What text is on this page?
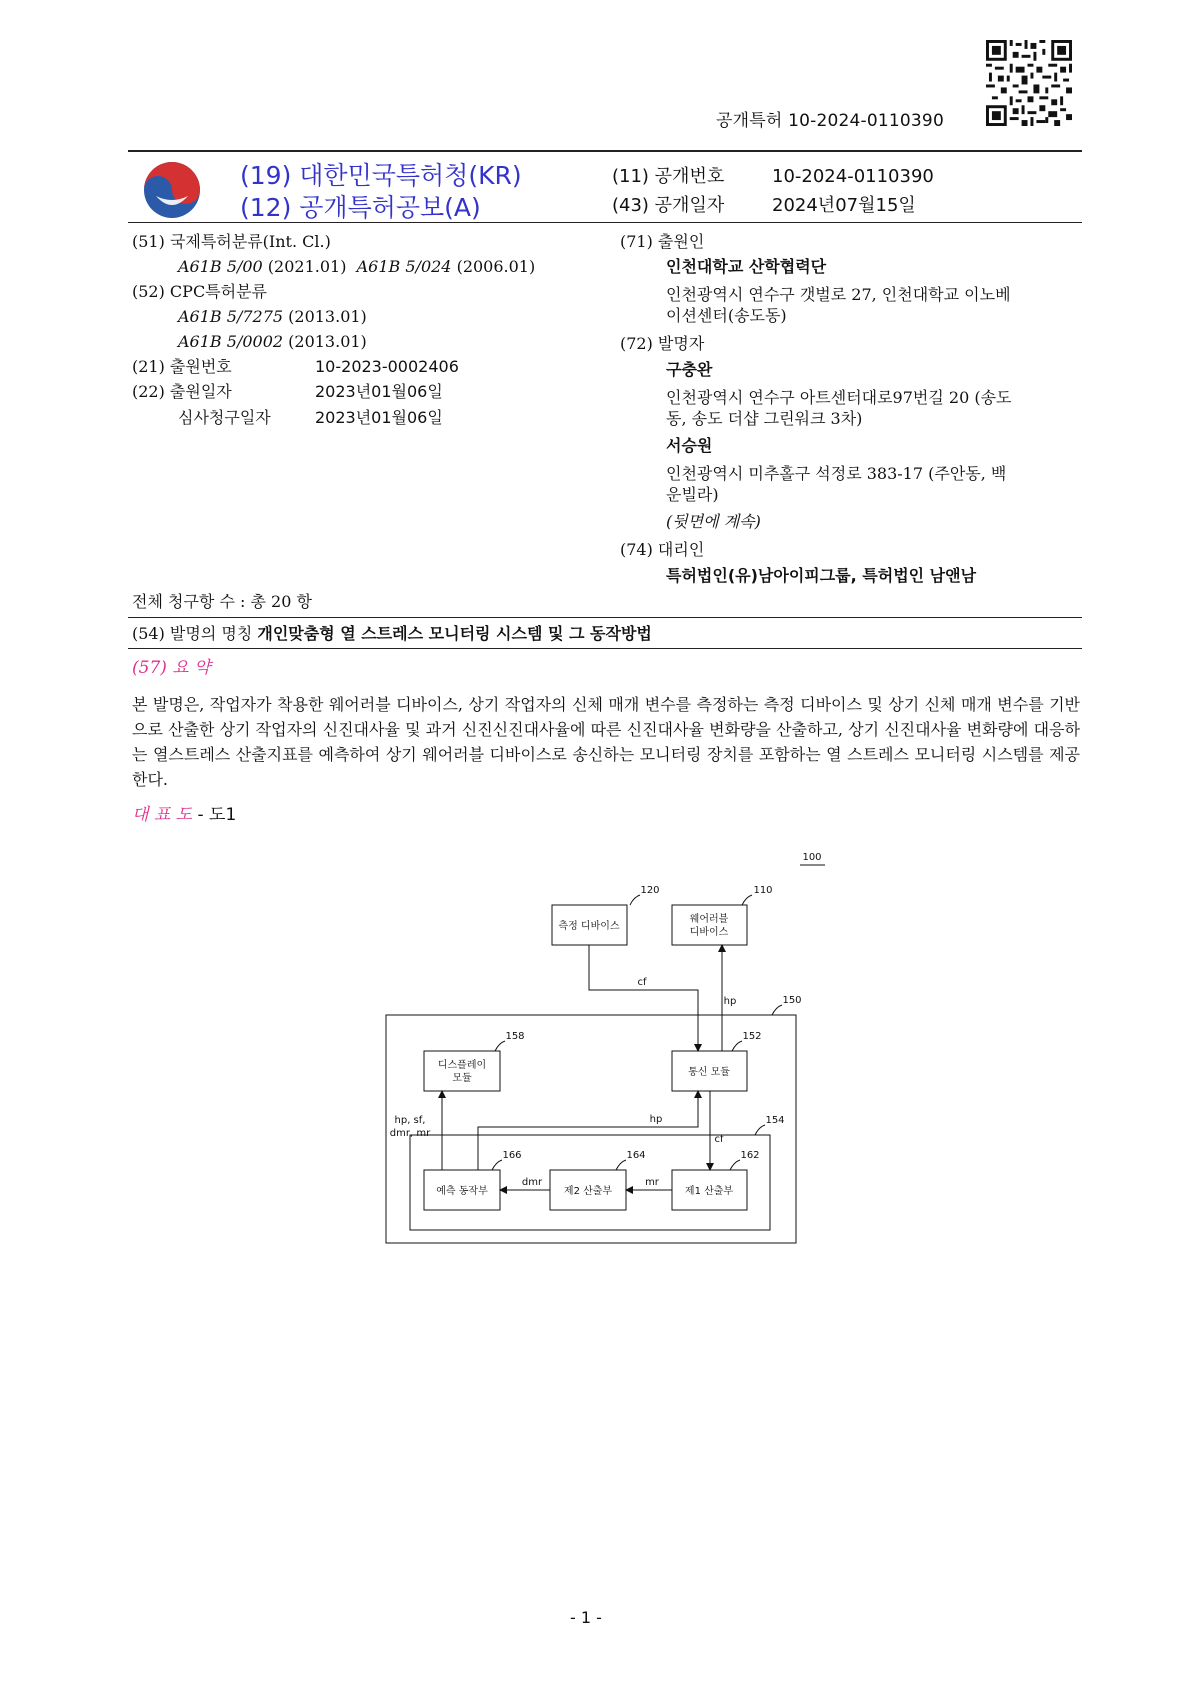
공개특허 10-2024-0110390
(19) 대한민국특허청(KR)
(12) 공개특허공보(A)
(11) 공개번호	10-2024-0110390
(43) 공개일자	2024년07월15일
(51) 국제특허분류(Int. Cl.)
A61B 5/00 (2021.01) A61B 5/024 (2006.01)
(52) CPC특허분류
A61B 5/7275 (2013.01)
A61B 5/0002 (2013.01)
(21) 출원번호	10-2023-0002406
(22) 출원일자	2023년01월06일
심사청구일자	2023년01월06일
(71) 출원인
인천대학교 산학협력단
인천광역시 연수구 갯벌로 27, 인천대학교 이노베
이션센터(송도동)
(72) 발명자
구충완
인천광역시 연수구 아트센터대로97번길 20 (송도
동, 송도 더샵 그린워크 3차)
서승원
인천광역시 미추홀구 석정로 383-17 (주안동, 백
운빌라)
(뒷면에 계속)
(74) 대리인
특허법인(유)남아이피그룹, 특허법인 남앤남
전체 청구항 수 : 총 20 항
(54) 발명의 명칭 개인맞춤형 열 스트레스 모니터링 시스템 및 그 동작방법
(57) 요 약
본 발명은, 작업자가 착용한 웨어러블 디바이스, 상기 작업자의 신체 매개 변수를 측정하는 측정 디바이스 및 상기 신체 매개 변수를 기반으로 산출한 상기 작업자의 신진대사율 및 과거 신진신진대사율에 따른 신진대사율 변화량을 산출하고, 상기 신진대사율 변화량에 대응하는 열스트레스 산출지표를 예측하여 상기 웨어러블 디바이스로 송신하는 모니터링 장치를 포함하는 열 스트레스 모니터링 시스템를 제공한다.
대 표 도 - 도1
100
120	110
150
158	152
154
166	164	162
측정 디바이스
웨어러블
디바이스
디스플레이
모듈
통신 모듈
예측 동작부	제2 산출부	제1 산출부
cf
hp
hp
cf
hp, sf,
dmr, mr
dmr	mr
- 1 -
